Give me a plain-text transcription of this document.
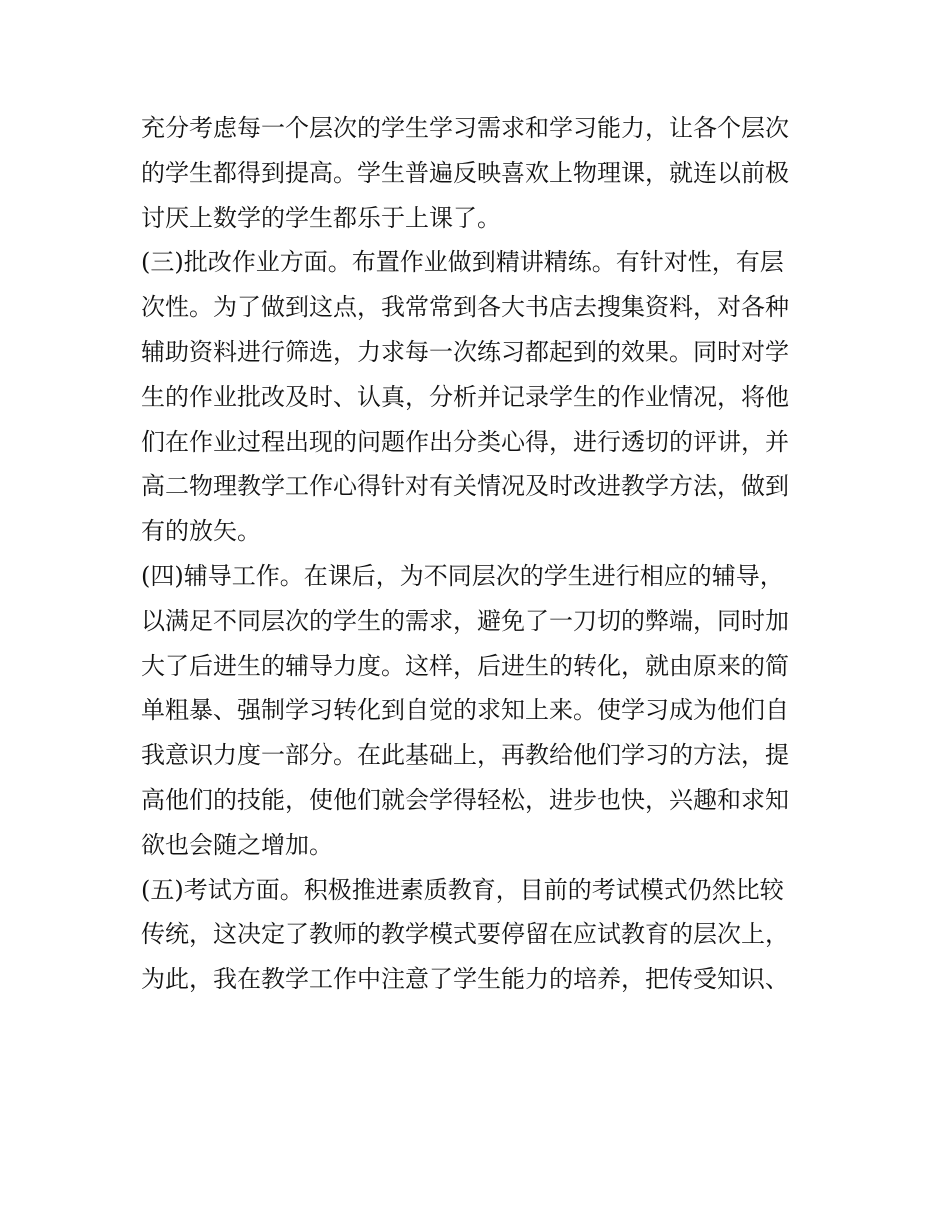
充分考虑每一个层次的学生学习需求和学习能力，让各个层次
的学生都得到提高。学生普遍反映喜欢上物理课，就连以前极
讨厌上数学的学生都乐于上课了。
(三)批改作业方面。布置作业做到精讲精练。有针对性，有层
次性。为了做到这点，我常常到各大书店去搜集资料，对各种
辅助资料进行筛选，力求每一次练习都起到的效果。同时对学
生的作业批改及时、认真，分析并记录学生的作业情况，将他
们在作业过程出现的问题作出分类心得，进行透切的评讲，并
高二物理教学工作心得针对有关情况及时改进教学方法，做到
有的放矢。
(四)辅导工作。在课后，为不同层次的学生进行相应的辅导，
以满足不同层次的学生的需求，避免了一刀切的弊端，同时加
大了后进生的辅导力度。这样，后进生的转化，就由原来的简
单粗暴、强制学习转化到自觉的求知上来。使学习成为他们自
我意识力度一部分。在此基础上，再教给他们学习的方法，提
高他们的技能，使他们就会学得轻松，进步也快，兴趣和求知
欲也会随之增加。
(五)考试方面。积极推进素质教育，目前的考试模式仍然比较
传统，这决定了教师的教学模式要停留在应试教育的层次上，
为此，我在教学工作中注意了学生能力的培养，把传受知识、
